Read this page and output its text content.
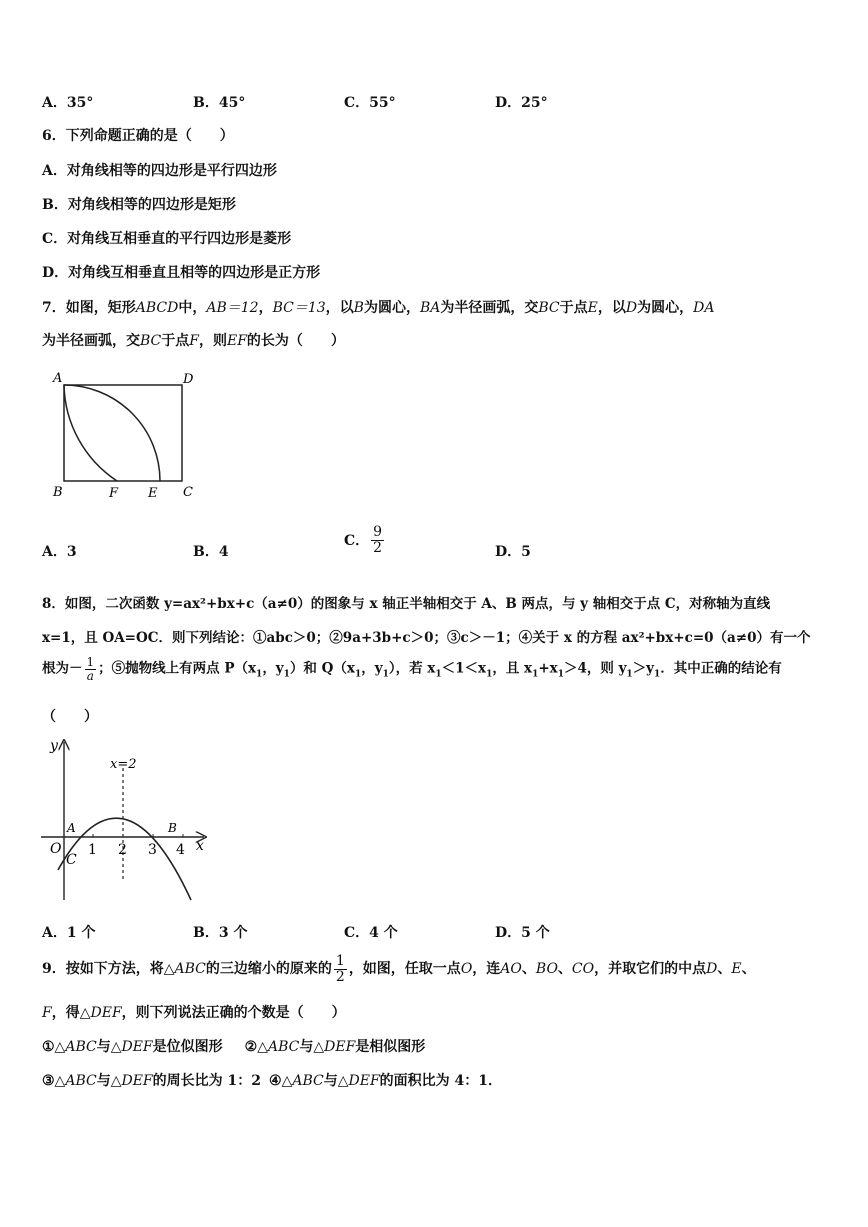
A．35°	B．45°	C．55°	D．25°
6．下列命题正确的是（　　）
A．对角线相等的四边形是平行四边形
B．对角线相等的四边形是矩形
C．对角线互相垂直的平行四边形是菱形
D．对角线互相垂直且相等的四边形是正方形
7．如图，矩形ABCD中，AB＝12，BC＝13，以B为圆心，BA为半径画弧，交BC于点E，以D为圆心，DA
为半径画弧，交BC于点F，则EF的长为（　　）
A	D
B	F E C
A．3	B．4
C． $\frac{9}{2}$	D．5
8．如图，二次函数 y=ax²+bx+c（a≠0）的图象与 x 轴正半轴相交于 A、B 两点，与 y 轴相交于点 C，对称轴为直线
x=1，且 OA=OC．则下列结论：①abc＞0；②9a+3b+c＞0；③c＞－1；④关于 x 的方程 ax²+bx+c=0（a≠0）有一个
根为－ $\frac{1}{a}$ ；⑤抛物线上有两点 $P(x_1$，$y_1$）和 $Q(x_1$，$y_1$），若 $x_1<1<x_1$，且 $x_1+x_1>4$，则 $y_1>y_1$．其中正确的结论有
（　　）
y
x
x=2
A	B
O
C
1 2 3 4
A．1 个	B．3 个	C．4 个	D．5 个
9．按如下方法，将△ABC的三边缩小的原来的 $\frac{1}{2}$ ，如图，任取一点O，连AO、BO、CO，并取它们的中点D、E、
F，得△DEF，则下列说法正确的个数是（　　）
①△ABC与△DEF是位似图形 ②△ABC与△DEF是相似图形
③△ABC与△DEF的周长比为 1：2 ④△ABC与△DEF的面积比为 4：1．
